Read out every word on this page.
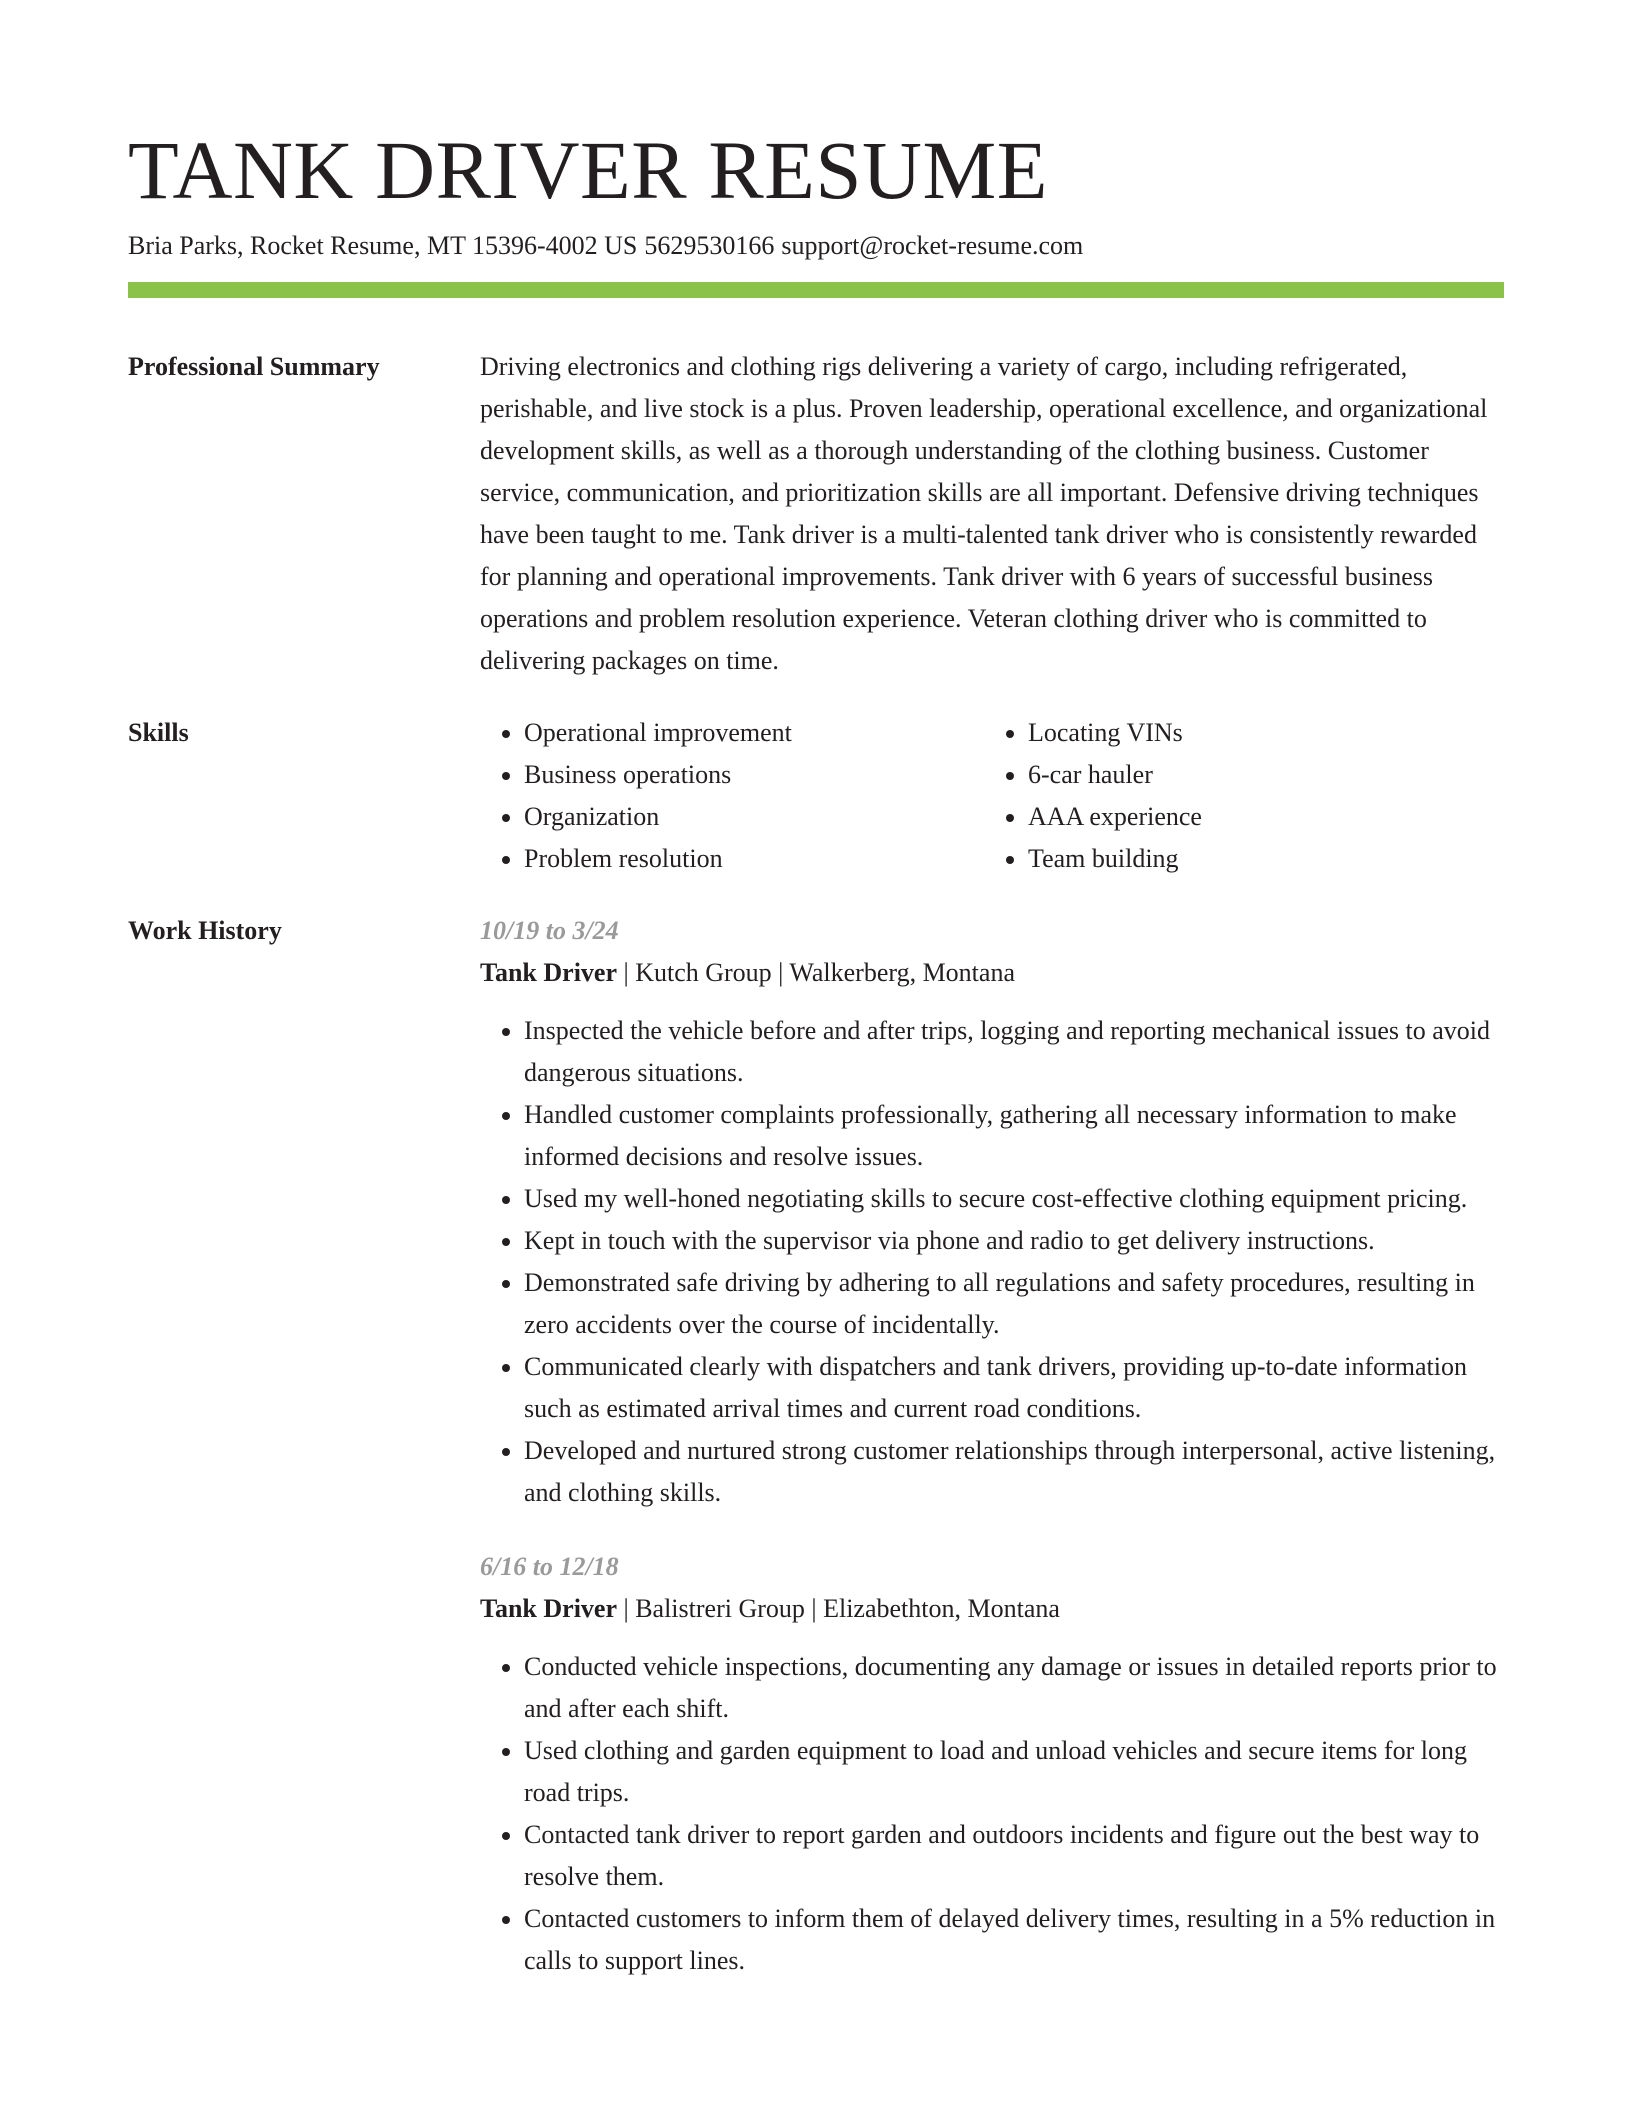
TANK DRIVER RESUME
Bria Parks, Rocket Resume, MT 15396-4002 US 5629530166 support@rocket-resume.com
Professional Summary	Driving electronics and clothing rigs delivering a variety of cargo, including refrigerated, perishable, and live stock is a plus. Proven leadership, operational excellence, and organizational development skills, as well as a thorough understanding of the clothing business. Customer service, communication, and prioritization skills are all important. Defensive driving techniques have been taught to me. Tank driver is a multi-talented tank driver who is consistently rewarded for planning and operational improvements. Tank driver with 6 years of successful business operations and problem resolution experience. Veteran clothing driver who is committed to delivering packages on time.

Skills
•	Operational improvement
• Business operations
• Organization
• Problem resolution
• Locating VINs
• 6-car hauler
• AAA experience
• Team building
Work History	10/19 to 3/24
Tank Driver | Kutch Group | Walkerberg, Montana
• Inspected the vehicle before and after trips, logging and reporting mechanical issues to avoid dangerous situations.
• Handled customer complaints professionally, gathering all necessary information to make informed decisions and resolve issues.
• Used my well-honed negotiating skills to secure cost-effective clothing equipment pricing.
• Kept in touch with the supervisor via phone and radio to get delivery instructions.
• Demonstrated safe driving by adhering to all regulations and safety procedures, resulting in zero accidents over the course of incidentally.
• Communicated clearly with dispatchers and tank drivers, providing up-to-date information such as estimated arrival times and current road conditions.
• Developed and nurtured strong customer relationships through interpersonal, active listening, and clothing skills.
6/16 to 12/18
Tank Driver | Balistreri Group | Elizabethton, Montana
• Conducted vehicle inspections, documenting any damage or issues in detailed reports prior to and after each shift.
• Used clothing and garden equipment to load and unload vehicles and secure items for long road trips.
• Contacted tank driver to report garden and outdoors incidents and figure out the best way to resolve them.
• Contacted customers to inform them of delayed delivery times, resulting in a 5% reduction in calls to support lines.
